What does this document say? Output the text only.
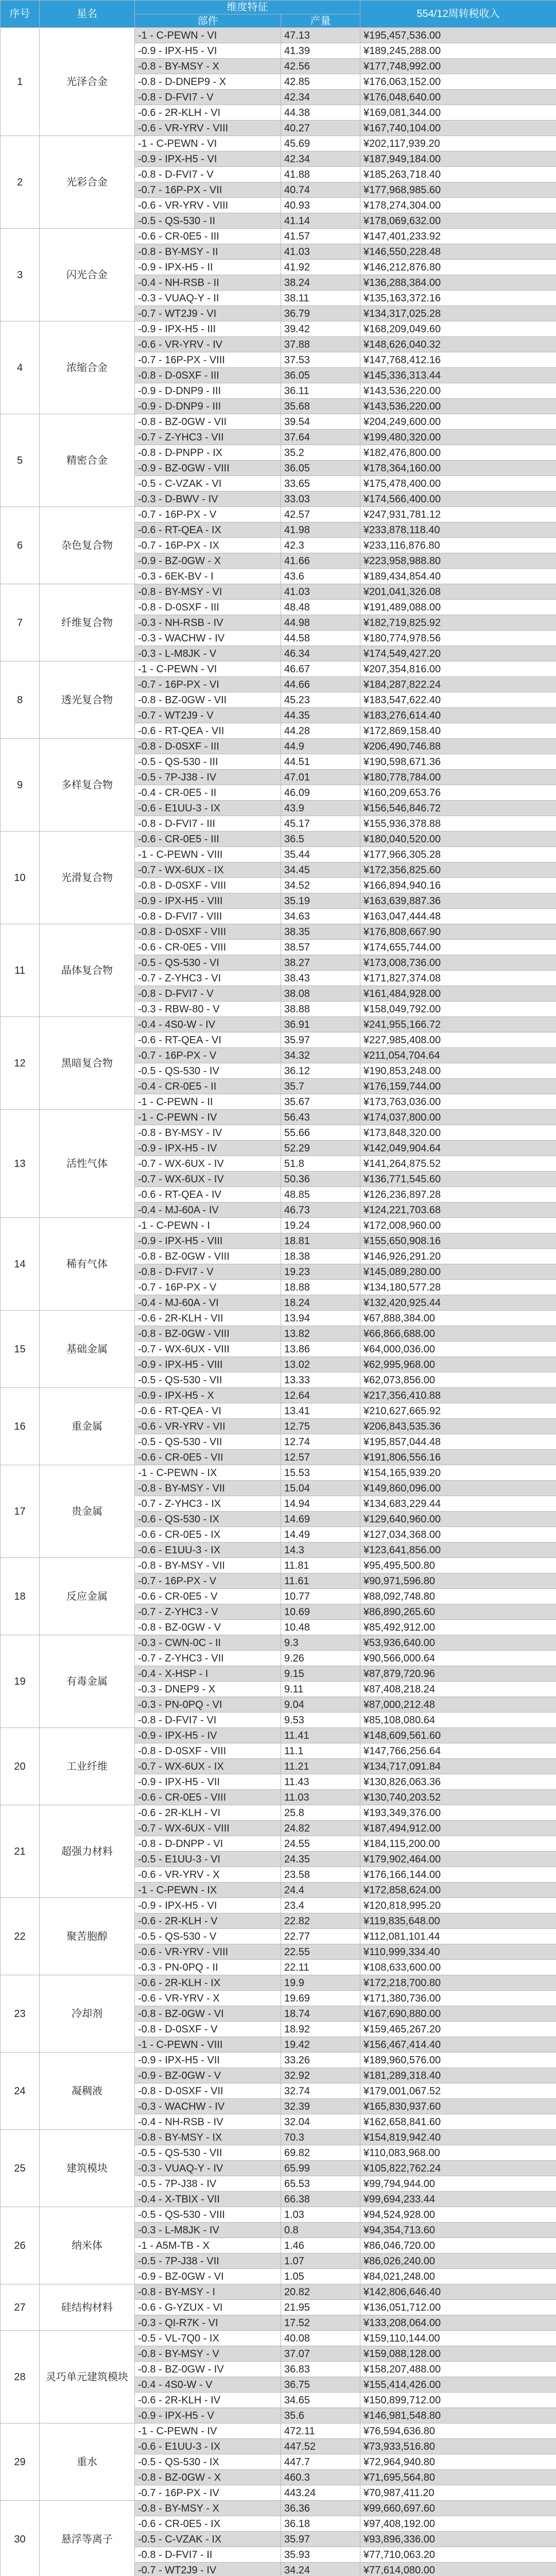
序号	星名	维度特征		554/12周转税收入
		部件	产量	
1	光泽合金	-1 - C-PEWN - VI	47.13	¥195,457,536.00
		-0.9 - IPX-H5 - VI	41.39	¥189,245,288.00
		-0.8 - BY-MSY - X	42.56	¥177,748,992.00
		-0.8 - D-DNEP9 - X	42.85	¥176,063,152.00
		-0.8 - D-FVI7 - V	42.34	¥176,048,640.00
		-0.6 - 2R-KLH - VI	44.38	¥169,081,344.00
		-0.6 - VR-YRV - VIII	40.27	¥167,740,104.00
2	光彩合金	-1 - C-PEWN - VI	45.69	¥202,117,939.20
		-0.9 - IPX-H5 - VI	42.34	¥187,949,184.00
		-0.8 - D-FVI7 - V	41.88	¥185,263,718.40
		-0.7 - 16P-PX - VII	40.74	¥177,968,985.60
		-0.6 - VR-YRV - VIII	40.93	¥178,274,304.00
		-0.5 - QS-530 - II	41.14	¥178,069,632.00
3	闪光合金	-0.6 - CR-0E5 - III	41.57	¥147,401,233.92
		-0.8 - BY-MSY - II	41.03	¥146,550,228.48
		-0.9 - IPX-H5 - II	41.92	¥146,212,876.80
		-0.4 - NH-RSB - II	38.24	¥136,288,384.00
		-0.3 - VUAQ-Y - II	38.11	¥135,163,372.16
		-0.7 - WT2J9 - VI	36.79	¥134,317,025.28
4	浓缩合金	-0.9 - IPX-H5 - III	39.42	¥168,209,049.60
		-0.6 - VR-YRV - IV	37.88	¥148,626,040.32
		-0.7 - 16P-PX - VIII	37.53	¥147,768,412.16
		-0.8 - D-0SXF - III	36.05	¥145,336,313.44
		-0.9 - D-DNP9 - III	36.11	¥143,536,220.00
		-0.9 - D-DNP9 - III	35.68	¥143,536,220.00
5	精密合金	-0.8 - BZ-0GW - VII	39.54	¥204,249,600.00
		-0.7 - Z-YHC3 - VII	37.64	¥199,480,320.00
		-0.8 - D-PNPP - IX	35.2	¥182,476,800.00
		-0.9 - BZ-0GW - VIII	36.05	¥178,364,160.00
		-0.5 - C-VZAK - VI	33.65	¥175,478,400.00
		-0.3 - D-BWV - IV	33.03	¥174,566,400.00
6	杂色复合物	-0.7 - 16P-PX - V	42.57	¥247,931,781.12
		-0.6 - RT-QEA - IX	41.98	¥233,878,118.40
		-0.7 - 16P-PX - IX	42.3	¥233,116,876.80
		-0.9 - BZ-0GW - X	41.66	¥223,958,988.80
		-0.3 - 6EK-BV - I	43.6	¥189,434,854.40
7	纤维复合物	-0.8 - BY-MSY - VI	41.03	¥201,041,326.08
		-0.8 - D-0SXF - III	48.48	¥191,489,088.00
		-0.3 - NH-RSB - IV	44.98	¥182,719,825.92
		-0.3 - WACHW - IV	44.58	¥180,774,978.56
		-0.3 - L-M8JK - V	46.34	¥174,549,427.20
8	透光复合物	-1 - C-PEWN - VI	46.67	¥207,354,816.00
		-0.7 - 16P-PX - VI	44.66	¥184,287,822.24
		-0.8 - BZ-0GW - VII	45.23	¥183,547,622.40
		-0.7 - WT2J9 - V	44.35	¥183,276,614.40
		-0.6 - RT-QEA - VII	44.28	¥172,869,158.40
9	多样复合物	-0.8 - D-0SXF - III	44.9	¥206,490,746.88
		-0.5 - QS-530 - III	44.51	¥190,598,671.36
		-0.5 - 7P-J38 - IV	47.01	¥180,778,784.00
		-0.4 - CR-0E5 - II	46.09	¥160,209,653.76
		-0.6 - E1UU-3 - IX	43.9	¥156,546,846.72
		-0.8 - D-FVI7 - III	45.17	¥155,936,378.88
10	光滑复合物	-0.6 - CR-0E5 - III	36.5	¥180,040,520.00
		-1 - C-PEWN - VIII	35.44	¥177,966,305.28
		-0.7 - WX-6UX - IX	34.45	¥172,356,825.60
		-0.8 - D-0SXF - VIII	34.52	¥166,894,940.16
		-0.9 - IPX-H5 - VIII	35.19	¥163,639,887.36
		-0.8 - D-FVI7 - VIII	34.63	¥163,047,444.48
11	晶体复合物	-0.8 - D-0SXF - VIII	38.35	¥176,808,667.90
		-0.6 - CR-0E5 - VIII	38.57	¥174,655,744.00
		-0.5 - QS-530 - VI	38.27	¥173,008,736.00
		-0.7 - Z-YHC3 - VI	38.43	¥171,827,374.08
		-0.8 - D-FVI7 - V	38.08	¥161,484,928.00
		-0.3 - RBW-80 - V	38.88	¥158,049,792.00
12	黑暗复合物	-0.4 - 4S0-W - IV	36.91	¥241,955,166.72
		-0.6 - RT-QEA - VI	35.97	¥227,985,408.00
		-0.7 - 16P-PX - V	34.32	¥211,054,704.64
		-0.5 - QS-530 - IV	36.12	¥190,853,248.00
		-0.4 - CR-0E5 - II	35.7	¥176,159,744.00
		-1 - C-PEWN - II	35.67	¥173,763,036.00
13	活性气体	-1 - C-PEWN - IV	56.43	¥174,037,800.00
		-0.8 - BY-MSY - IV	55.66	¥173,848,320.00
		-0.9 - IPX-H5 - IV	52.29	¥142,049,904.64
		-0.7 - WX-6UX - IV	51.8	¥141,264,875.52
		-0.7 - WX-6UX - IV	50.36	¥136,771,545.60
		-0.6 - RT-QEA - IV	48.85	¥126,236,897.28
		-0.4 - MJ-60A - IV	46.73	¥124,221,703.68
14	稀有气体	-1 - C-PEWN - I	19.24	¥172,008,960.00
		-0.9 - IPX-H5 - VIII	18.81	¥155,650,908.16
		-0.8 - BZ-0GW - VIII	18.38	¥146,926,291.20
		-0.8 - D-FVI7 - V	19.23	¥145,089,280.00
		-0.7 - 16P-PX - V	18.88	¥134,180,577.28
		-0.4 - MJ-60A - VI	18.24	¥132,420,925.44
15	基础金属	-0.6 - 2R-KLH - VII	13.94	¥67,888,384.00
		-0.8 - BZ-0GW - VIII	13.82	¥66,866,688.00
		-0.7 - WX-6UX - VIII	13.86	¥64,000,036.00
		-0.9 - IPX-H5 - VIII	13.02	¥62,995,968.00
		-0.5 - QS-530 - VII	13.33	¥62,073,856.00
16	重金属	-0.9 - IPX-H5 - X	12.64	¥217,356,410.88
		-0.6 - RT-QEA - VI	13.41	¥210,627,665.92
		-0.6 - VR-YRV - VII	12.75	¥206,843,535.36
		-0.5 - QS-530 - VII	12.74	¥195,857,044.48
		-0.6 - CR-0E5 - VII	12.57	¥191,806,556.16
17	贵金属	-1 - C-PEWN - IX	15.53	¥154,165,939.20
		-0.8 - BY-MSY - VII	15.04	¥149,860,096.00
		-0.7 - Z-YHC3 - IX	14.94	¥134,683,229.44
		-0.6 - QS-530 - IX	14.69	¥129,640,960.00
		-0.6 - CR-0E5 - IX	14.49	¥127,034,368.00
		-0.6 - E1UU-3 - IX	14.3	¥123,641,856.00
18	反应金属	-0.8 - BY-MSY - VII	11.81	¥95,495,500.80
		-0.7 - 16P-PX - V	11.61	¥90,971,596.80
		-0.6 - CR-0E5 - V	10.77	¥88,092,748.80
		-0.7 - Z-YHC3 - V	10.69	¥86,890,265.60
		-0.8 - BZ-0GW - V	10.48	¥85,492,912.00
19	有毒金属	-0.3 - CWN-0C - II	9.3	¥53,936,640.00
		-0.7 - Z-YHC3 - VII	9.26	¥90,566,000.64
		-0.4 - X-HSP - I	9.15	¥87,879,720.96
		-0.3 - DNEP9 - X	9.11	¥87,408,218.24
		-0.3 - PN-0PQ - VI	9.04	¥87,000,212.48
		-0.8 - D-FVI7 - VI	9.53	¥85,108,080.64
20	工业纤维	-0.9 - IPX-H5 - IV	11.41	¥148,609,561.60
		-0.8 - D-0SXF - VIII	11.1	¥147,766,256.64
		-0.7 - WX-6UX - IX	11.21	¥134,717,091.84
		-0.9 - IPX-H5 - VII	11.43	¥130,826,063.36
		-0.6 - CR-0E5 - VIII	11.03	¥130,740,203.52
21	超强力材料	-0.6 - 2R-KLH - VI	25.8	¥193,349,376.00
		-0.7 - WX-6UX - VIII	24.82	¥187,494,912.00
		-0.8 - D-DNPP - VI	24.55	¥184,115,200.00
		-0.5 - E1UU-3 - VI	24.35	¥179,902,464.00
		-0.6 - VR-YRV - X	23.58	¥176,166,144.00
		-1 - C-PEWN - IX	24.4	¥172,858,624.00
22	聚苦胞醇	-0.9 - IPX-H5 - VI	23.4	¥120,818,995.20
		-0.6 - 2R-KLH - V	22.82	¥119,835,648.00
		-0.5 - QS-530 - V	22.77	¥112,081,101.44
		-0.6 - VR-YRV - VIII	22.55	¥110,999,334.40
		-0.3 - PN-0PQ - II	22.11	¥108,633,600.00
23	冷却剂	-0.6 - 2R-KLH - IX	19.9	¥172,218,700.80
		-0.6 - VR-YRV - X	19.69	¥171,380,736.00
		-0.8 - BZ-0GW - VI	18.74	¥167,690,880.00
		-0.8 - D-0SXF - V	18.92	¥159,465,267.20
		-1 - C-PEWN - VIII	19.42	¥156,467,414.40
24	凝稠液	-0.9 - IPX-H5 - VII	33.26	¥189,960,576.00
		-0.9 - BZ-0GW - V	32.92	¥181,289,318.40
		-0.8 - D-0SXF - VII	32.74	¥179,001,067.52
		-0.3 - WACHW - IV	32.39	¥165,830,937.60
		-0.4 - NH-RSB - IV	32.04	¥162,658,841.60
25	建筑模块	-0.8 - BY-MSY - IX	70.3	¥154,819,942.40
		-0.5 - QS-530 - VII	69.82	¥110,083,968.00
		-0.3 - VUAQ-Y - IV	65.99	¥105,822,762.24
		-0.5 - 7P-J38 - IV	65.53	¥99,794,944.00
		-0.4 - X-TBIX - VII	66.38	¥99,694,233.44
26	纳米体	-0.5 - QS-530 - VIII	1.03	¥94,524,928.00
		-0.3 - L-M8JK - IV	0.8	¥94,354,713.60
		-1 - A5M-TB - X	1.46	¥86,046,720.00
		-0.5 - 7P-J38 - VII	1.07	¥86,026,240.00
		-0.9 - BZ-0GW - VI	1.05	¥84,021,248.00
27	硅结构材料	-0.8 - BY-MSY - I	20.82	¥142,806,646.40
		-0.6 - G-YZUX - VI	21.95	¥136,051,712.00
		-0.3 - QI-R7K - VI	17.52	¥133,208,064.00
28	灵巧单元建筑模块	-0.5 - VL-7Q0 - IX	40.08	¥159,110,144.00
		-0.8 - BY-MSY - V	37.07	¥159,088,128.00
		-0.8 - BZ-0GW - IV	36.83	¥158,207,488.00
		-0.4 - 4S0-W - V	36.75	¥155,414,426.00
		-0.6 - 2R-KLH - IV	34.65	¥150,899,712.00
		-0.9 - IPX-H5 - V	35.6	¥146,981,548.80
29	重水	-1 - C-PEWN - IV	472.11	¥76,594,636.80
		-0.6 - E1UU-3 - IX	447.52	¥73,933,516.80
		-0.5 - QS-530 - IX	447.7	¥72,964,940.80
		-0.8 - BZ-0GW - X	460.3	¥71,695,564.80
		-0.7 - 16P-PX - IV	443.24	¥70,987,411.20
30	悬浮等离子	-0.8 - BY-MSY - X	36.36	¥99,660,697.60
		-0.6 - CR-0E5 - IX	36.18	¥97,408,192.00
		-0.5 - C-VZAK - IX	35.97	¥93,896,336.00
		-0.8 - D-FVI7 - II	35.93	¥77,710,063.20
		-0.7 - WT2J9 - IV	34.24	¥77,614,080.00
